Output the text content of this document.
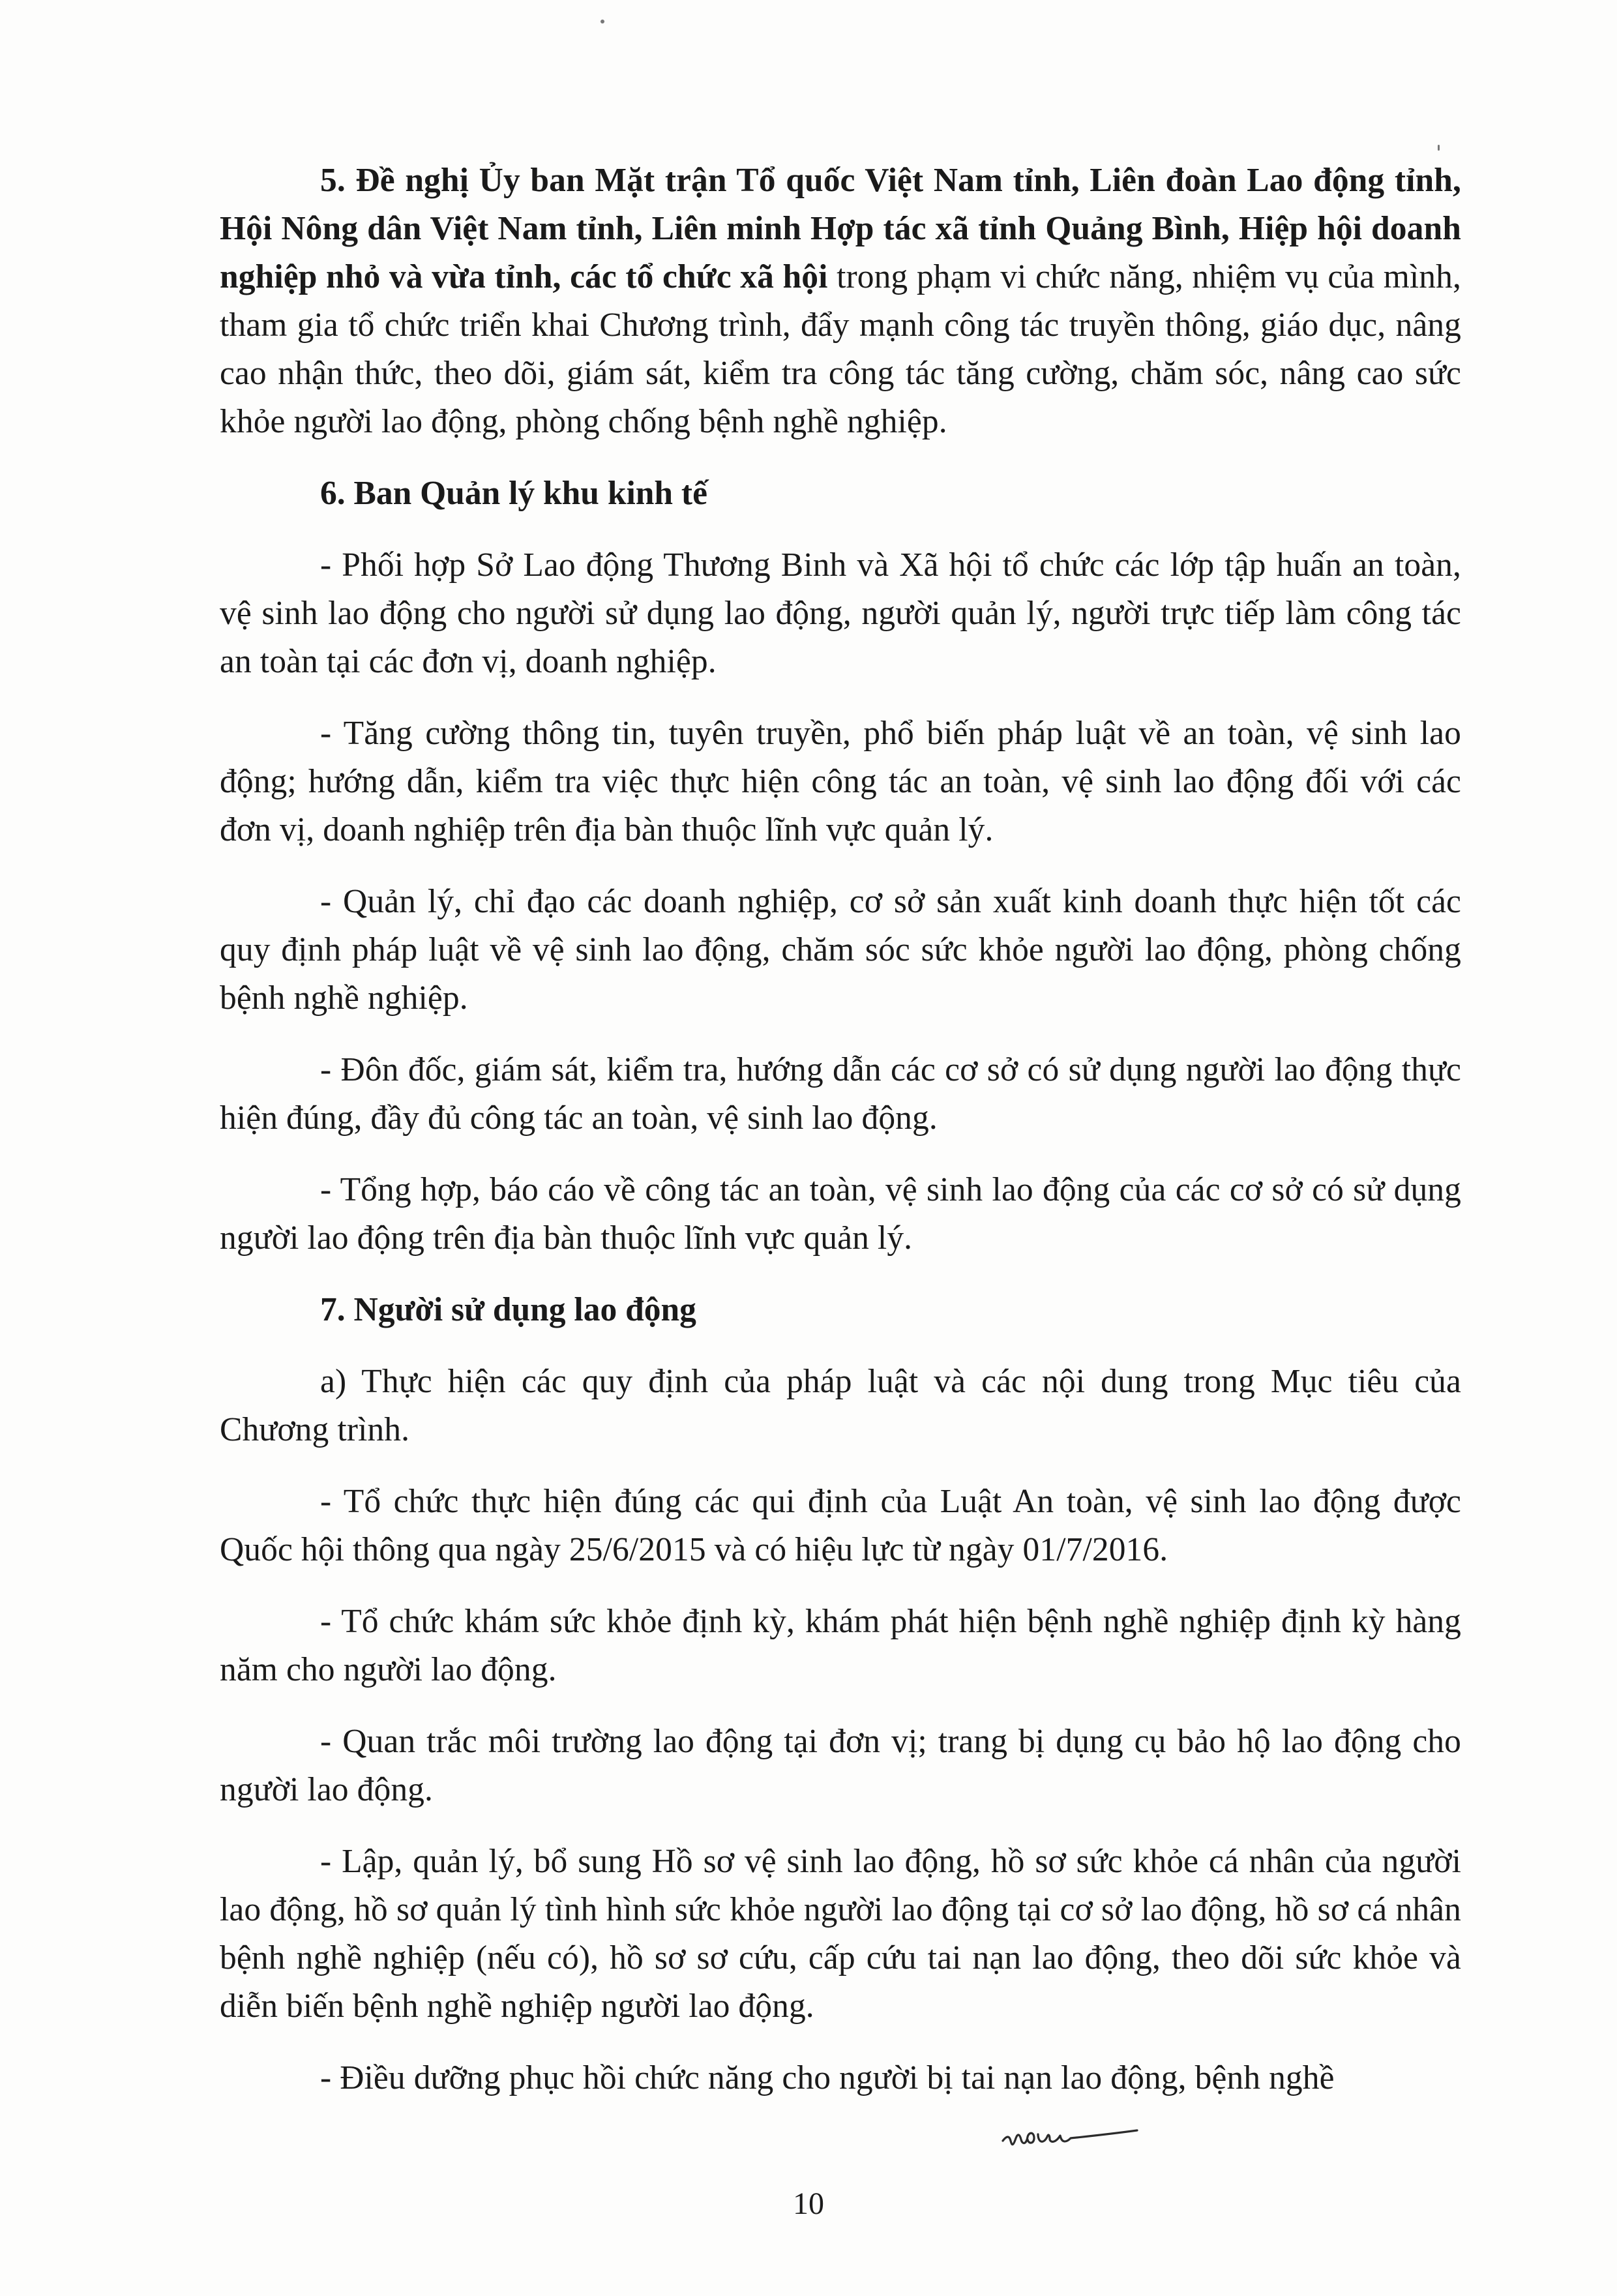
5. Đề nghị Ủy ban Mặt trận Tổ quốc Việt Nam tỉnh, Liên đoàn Lao động tỉnh, Hội Nông dân Việt Nam tỉnh, Liên minh Hợp tác xã tỉnh Quảng Bình, Hiệp hội doanh nghiệp nhỏ và vừa tỉnh, các tổ chức xã hội trong phạm vi chức năng, nhiệm vụ của mình, tham gia tổ chức triển khai Chương trình, đẩy mạnh công tác truyền thông, giáo dục, nâng cao nhận thức, theo dõi, giám sát, kiểm tra công tác tăng cường, chăm sóc, nâng cao sức khỏe người lao động, phòng chống bệnh nghề nghiệp.

6. Ban Quản lý khu kinh tế

- Phối hợp Sở Lao động Thương Binh và Xã hội tổ chức các lớp tập huấn an toàn, vệ sinh lao động cho người sử dụng lao động, người quản lý, người trực tiếp làm công tác an toàn tại các đơn vị, doanh nghiệp.

- Tăng cường thông tin, tuyên truyền, phổ biến pháp luật về an toàn, vệ sinh lao động; hướng dẫn, kiểm tra việc thực hiện công tác an toàn, vệ sinh lao động đối với các đơn vị, doanh nghiệp trên địa bàn thuộc lĩnh vực quản lý.

- Quản lý, chỉ đạo các doanh nghiệp, cơ sở sản xuất kinh doanh thực hiện tốt các quy định pháp luật về vệ sinh lao động, chăm sóc sức khỏe người lao động, phòng chống bệnh nghề nghiệp.

- Đôn đốc, giám sát, kiểm tra, hướng dẫn các cơ sở có sử dụng người lao động thực hiện đúng, đầy đủ công tác an toàn, vệ sinh lao động.

- Tổng hợp, báo cáo về công tác an toàn, vệ sinh lao động của các cơ sở có sử dụng người lao động trên địa bàn thuộc lĩnh vực quản lý.

7. Người sử dụng lao động

a) Thực hiện các quy định của pháp luật và các nội dung trong Mục tiêu của Chương trình.

- Tổ chức thực hiện đúng các qui định của Luật An toàn, vệ sinh lao động được Quốc hội thông qua ngày 25/6/2015 và có hiệu lực từ ngày 01/7/2016.

- Tổ chức khám sức khỏe định kỳ, khám phát hiện bệnh nghề nghiệp định kỳ hàng năm cho người lao động.

- Quan trắc môi trường lao động tại đơn vị; trang bị dụng cụ bảo hộ lao động cho người lao động.

- Lập, quản lý, bổ sung Hồ sơ vệ sinh lao động, hồ sơ sức khỏe cá nhân của người lao động, hồ sơ quản lý tình hình sức khỏe người lao động tại cơ sở lao động, hồ sơ cá nhân bệnh nghề nghiệp (nếu có), hồ sơ sơ cứu, cấp cứu tai nạn lao động, theo dõi sức khỏe và diễn biến bệnh nghề nghiệp người lao động.

- Điều dưỡng phục hồi chức năng cho người bị tai nạn lao động, bệnh nghề

10
